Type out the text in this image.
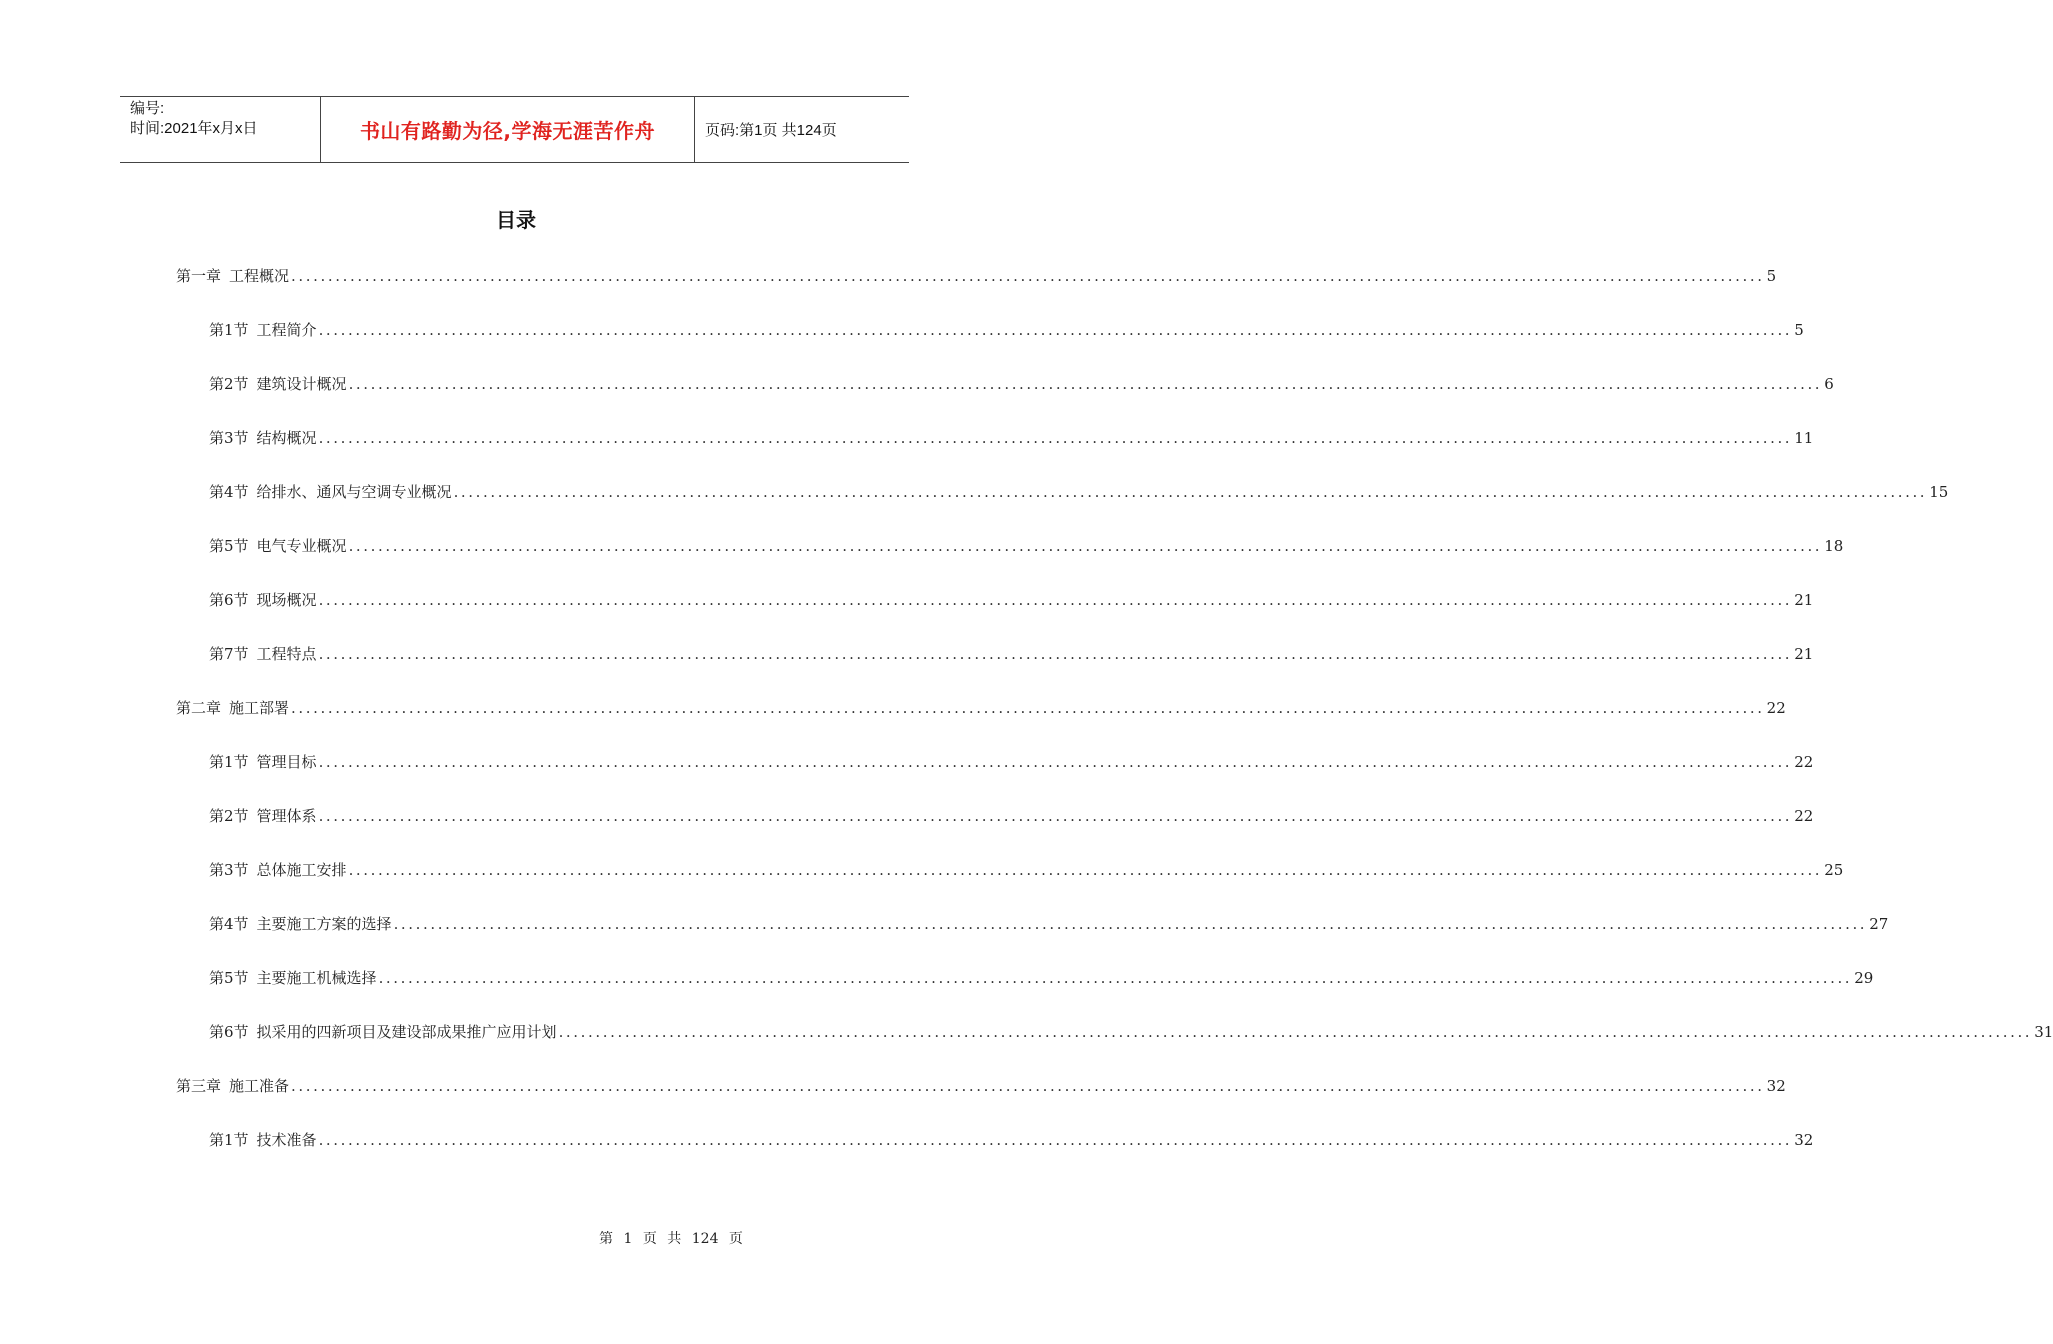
编号:
时间:2021年x月x日	书山有路勤为径,学海无涯苦作舟	页码:第1页 共124页
目录
第一章 工程概况 ........................................................................................................................................................................................................ 5
第1节 工程简介 ........................................................................................................................................................................................................ 5
第2节 建筑设计概况 ........................................................................................................................................................................................................ 6
第3节 结构概况 ........................................................................................................................................................................................................ 11
第4节 给排水、通风与空调专业概况 ........................................................................................................................................................................................................ 15
第5节 电气专业概况 ........................................................................................................................................................................................................ 18
第6节 现场概况 ........................................................................................................................................................................................................ 21
第7节 工程特点 ........................................................................................................................................................................................................ 21
第二章 施工部署 ........................................................................................................................................................................................................ 22
第1节 管理目标 ........................................................................................................................................................................................................ 22
第2节 管理体系 ........................................................................................................................................................................................................ 22
第3节 总体施工安排 ........................................................................................................................................................................................................ 25
第4节 主要施工方案的选择 ........................................................................................................................................................................................................ 27
第5节 主要施工机械选择 ........................................................................................................................................................................................................ 29
第6节 拟采用的四新项目及建设部成果推广应用计划 ........................................................................................................................................................................................................ 31
第三章 施工准备 ........................................................................................................................................................................................................ 32
第1节 技术准备 ........................................................................................................................................................................................................ 32
第 1 页 共 124 页
